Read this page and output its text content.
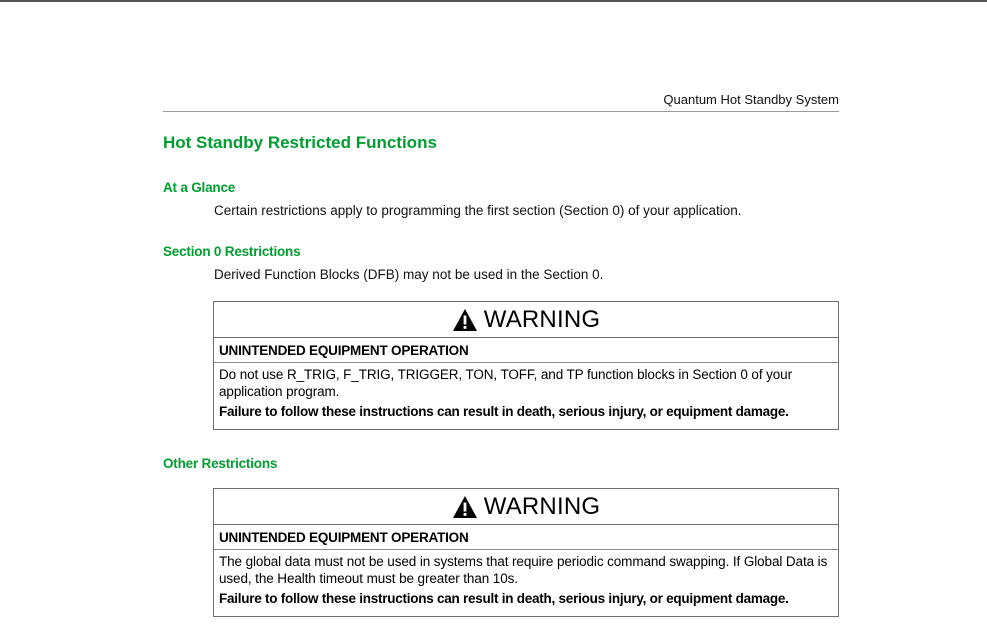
Quantum Hot Standby System
Hot Standby Restricted Functions
At a Glance
Certain restrictions apply to programming the first section (Section 0) of your application.
Section 0 Restrictions
Derived Function Blocks (DFB) may not be used in the Section 0.
WARNING

UNINTENDED EQUIPMENT OPERATION

Do not use R_TRIG, F_TRIG, TRIGGER, TON, TOFF, and TP function blocks in Section 0 of your application program.

Failure to follow these instructions can result in death, serious injury, or equipment damage.

Other Restrictions
WARNING

UNINTENDED EQUIPMENT OPERATION

The global data must not be used in systems that require periodic command swapping. If Global Data is used, the Health timeout must be greater than 10s.

Failure to follow these instructions can result in death, serious injury, or equipment damage.
